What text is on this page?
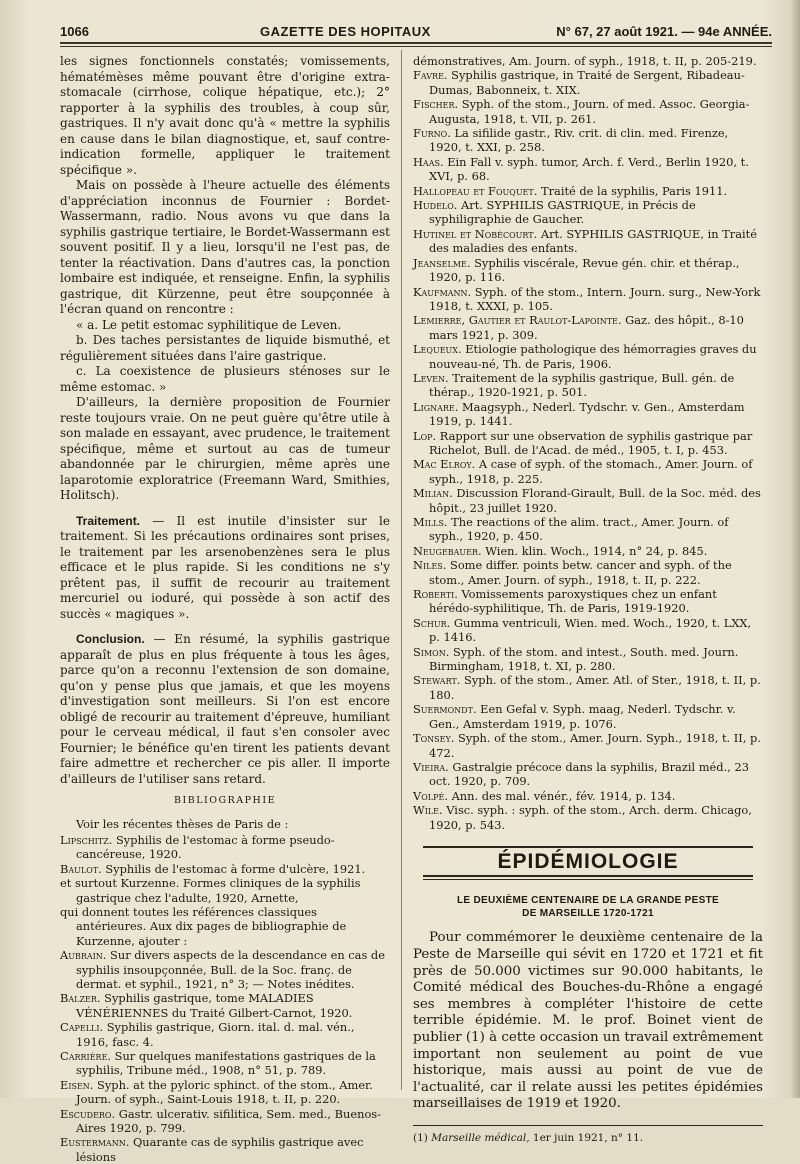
1066	GAZETTE DES HOPITAUX	N° 67, 27 août 1921. — 94e ANNÉE.

les signes fonctionnels constatés; vomissements, hématémèses même pouvant être d'origine extra-stomacale (cirrhose, colique hépatique, etc.); 2° rapporter à la syphilis des troubles, à coup sûr, gastriques. Il n'y avait donc qu'à « mettre la syphilis en cause dans le bilan diagnostique, et, sauf contre-indication formelle, appliquer le traitement spécifique ».

Mais on possède à l'heure actuelle des éléments d'appréciation inconnus de Fournier : Bordet-Wassermann, radio. Nous avons vu que dans la syphilis gastrique tertiaire, le Bordet-Wassermann est souvent positif. Il y a lieu, lorsqu'il ne l'est pas, de tenter la réactivation. Dans d'autres cas, la ponction lombaire est indiquée, et renseigne. Enfin, la syphilis gastrique, dit Kürzenne, peut être soupçonnée à l'écran quand on rencontre :

« a. Le petit estomac syphilitique de Leven.

b. Des taches persistantes de liquide bismuthé, et régulièrement situées dans l'aire gastrique.

c. La coexistence de plusieurs sténoses sur le même estomac. »

D'ailleurs, la dernière proposition de Fournier reste toujours vraie. On ne peut guère qu'être utile à son malade en essayant, avec prudence, le traitement spécifique, même et surtout au cas de tumeur abandonnée par le chirurgien, même après une laparotomie exploratrice (Freemann Ward, Smithies, Holitsch).

Traitement. — Il est inutile d'insister sur le traitement. Si les précautions ordinaires sont prises, le traitement par les arsenobenzènes sera le plus efficace et le plus rapide. Si les conditions ne s'y prêtent pas, il suffit de recourir au traitement mercuriel ou ioduré, qui possède à son actif des succès « magiques ».

Conclusion. — En résumé, la syphilis gastrique apparaît de plus en plus fréquente à tous les âges, parce qu'on a reconnu l'extension de son domaine, qu'on y pense plus que jamais, et que les moyens d'investigation sont meilleurs. Si l'on est encore obligé de recourir au traitement d'épreuve, humiliant pour le cerveau médical, il faut s'en consoler avec Fournier; le bénéfice qu'en tirent les patients devant faire admettre et rechercher ce pis aller. Il importe d'ailleurs de l'utiliser sans retard.

BIBLIOGRAPHIE

Voir les récentes thèses de Paris de :

Lipschitz. Syphilis de l'estomac à forme pseudo-cancéreuse, 1920.

Baulot. Syphilis de l'estomac à forme d'ulcère, 1921.

et surtout Kurzenne. Formes cliniques de la syphilis gastrique chez l'adulte, 1920, Arnette,

qui donnent toutes les références classiques antérieures. Aux dix pages de bibliographie de Kurzenne, ajouter :

Aubrain. Sur divers aspects de la descendance en cas de syphilis insoupçonnée, Bull. de la Soc. franç. de dermat. et syphil., 1921, n° 3; — Notes inédites.

Balzer. Syphilis gastrique, tome MALADIES VÉNÉRIENNES du Traité Gilbert-Carnot, 1920.

Capelli. Syphilis gastrique, Giorn. ital. d. mal. vén., 1916, fasc. 4.

Carrière. Sur quelques manifestations gastriques de la syphilis, Tribune méd., 1908, n° 51, p. 789.

Eisen. Syph. at the pyloric sphinct. of the stom., Amer. Journ. of syph., Saint-Louis 1918, t. II, p. 220.

Escudero. Gastr. ulcerativ. sifilitica, Sem. med., Buenos-Aires 1920, p. 799.

Eustermann. Quarante cas de syphilis gastrique avec lésions

démonstratives, Am. Journ. of syph., 1918, t. II, p. 205-219.

Favre. Syphilis gastrique, in Traité de Sergent, Ribadeau-Dumas, Babonneix, t. XIX.

Fischer. Syph. of the stom., Journ. of med. Assoc. Georgia-Augusta, 1918, t. VII, p. 261.

Furno. La sifilide gastr., Riv. crit. di clin. med. Firenze, 1920, t. XXI, p. 258.

Haas. Ein Fall v. syph. tumor, Arch. f. Verd., Berlin 1920, t. XVI, p. 68.

Hallopeau et Fouquet. Traité de la syphilis, Paris 1911.

Hudelo. Art. SYPHILIS GASTRIQUE, in Précis de syphiligraphie de Gaucher.

Hutinel et Nobécourt. Art. SYPHILIS GASTRIQUE, in Traité des maladies des enfants.

Jeanselme. Syphilis viscérale, Revue gén. chir. et thérap., 1920, p. 116.

Kaufmann. Syph. of the stom., Intern. Journ. surg., New-York 1918, t. XXXI, p. 105.

Lemierre, Gautier et Raulot-Lapointe. Gaz. des hôpit., 8-10 mars 1921, p. 309.

Lequeux. Etiologie pathologique des hémorragies graves du nouveau-né, Th. de Paris, 1906.

Leven. Traitement de la syphilis gastrique, Bull. gén. de thérap., 1920-1921, p. 501.

Lignare. Maagsyph., Nederl. Tydschr. v. Gen., Amsterdam 1919, p. 1441.

Lop. Rapport sur une observation de syphilis gastrique par Richelot, Bull. de l'Acad. de méd., 1905, t. I, p. 453.

Mac Elroy. A case of syph. of the stomach., Amer. Journ. of syph., 1918, p. 225.

Milian. Discussion Florand-Girault, Bull. de la Soc. méd. des hôpit., 23 juillet 1920.

Mills. The reactions of the alim. tract., Amer. Journ. of syph., 1920, p. 450.

Neugebauer. Wien. klin. Woch., 1914, n° 24, p. 845.

Niles. Some differ. points betw. cancer and syph. of the stom., Amer. Journ. of syph., 1918, t. II, p. 222.

Roberti. Vomissements paroxystiques chez un enfant hérédo-syphilitique, Th. de Paris, 1919-1920.

Schur. Gumma ventriculi, Wien. med. Woch., 1920, t. LXX, p. 1416.

Simon. Syph. of the stom. and intest., South. med. Journ. Birmingham, 1918, t. XI, p. 280.

Stewart. Syph. of the stom., Amer. Atl. of Ster., 1918, t. II, p. 180.

Suermondt. Een Gefal v. Syph. maag, Nederl. Tydschr. v. Gen., Amsterdam 1919, p. 1076.

Tonsey. Syph. of the stom., Amer. Journ. Syph., 1918, t. II, p. 472.

Vieira. Gastralgie précoce dans la syphilis, Brazil méd., 23 oct. 1920, p. 709.

Volpé. Ann. des mal. vénér., fév. 1914, p. 134.

Wile. Visc. syph. : syph. of the stom., Arch. derm. Chicago, 1920, p. 543.

ÉPIDÉMIOLOGIE
LE DEUXIÈME CENTENAIRE DE LA GRANDE PESTE
DE MARSEILLE 1720-1721

Pour commémorer le deuxième centenaire de la Peste de Marseille qui sévit en 1720 et 1721 et fit près de 50.000 victimes sur 90.000 habitants, le Comité médical des Bouches-du-Rhône a engagé ses membres à compléter l'histoire de cette terrible épidémie. M. le prof. Boinet vient de publier (1) à cette occasion un travail extrêmement important non seulement au point de vue historique, mais aussi au point de vue de l'actualité, car il relate aussi les petites épidémies marseillaises de 1919 et 1920.

(1) Marseille médical, 1er juin 1921, n° 11.
